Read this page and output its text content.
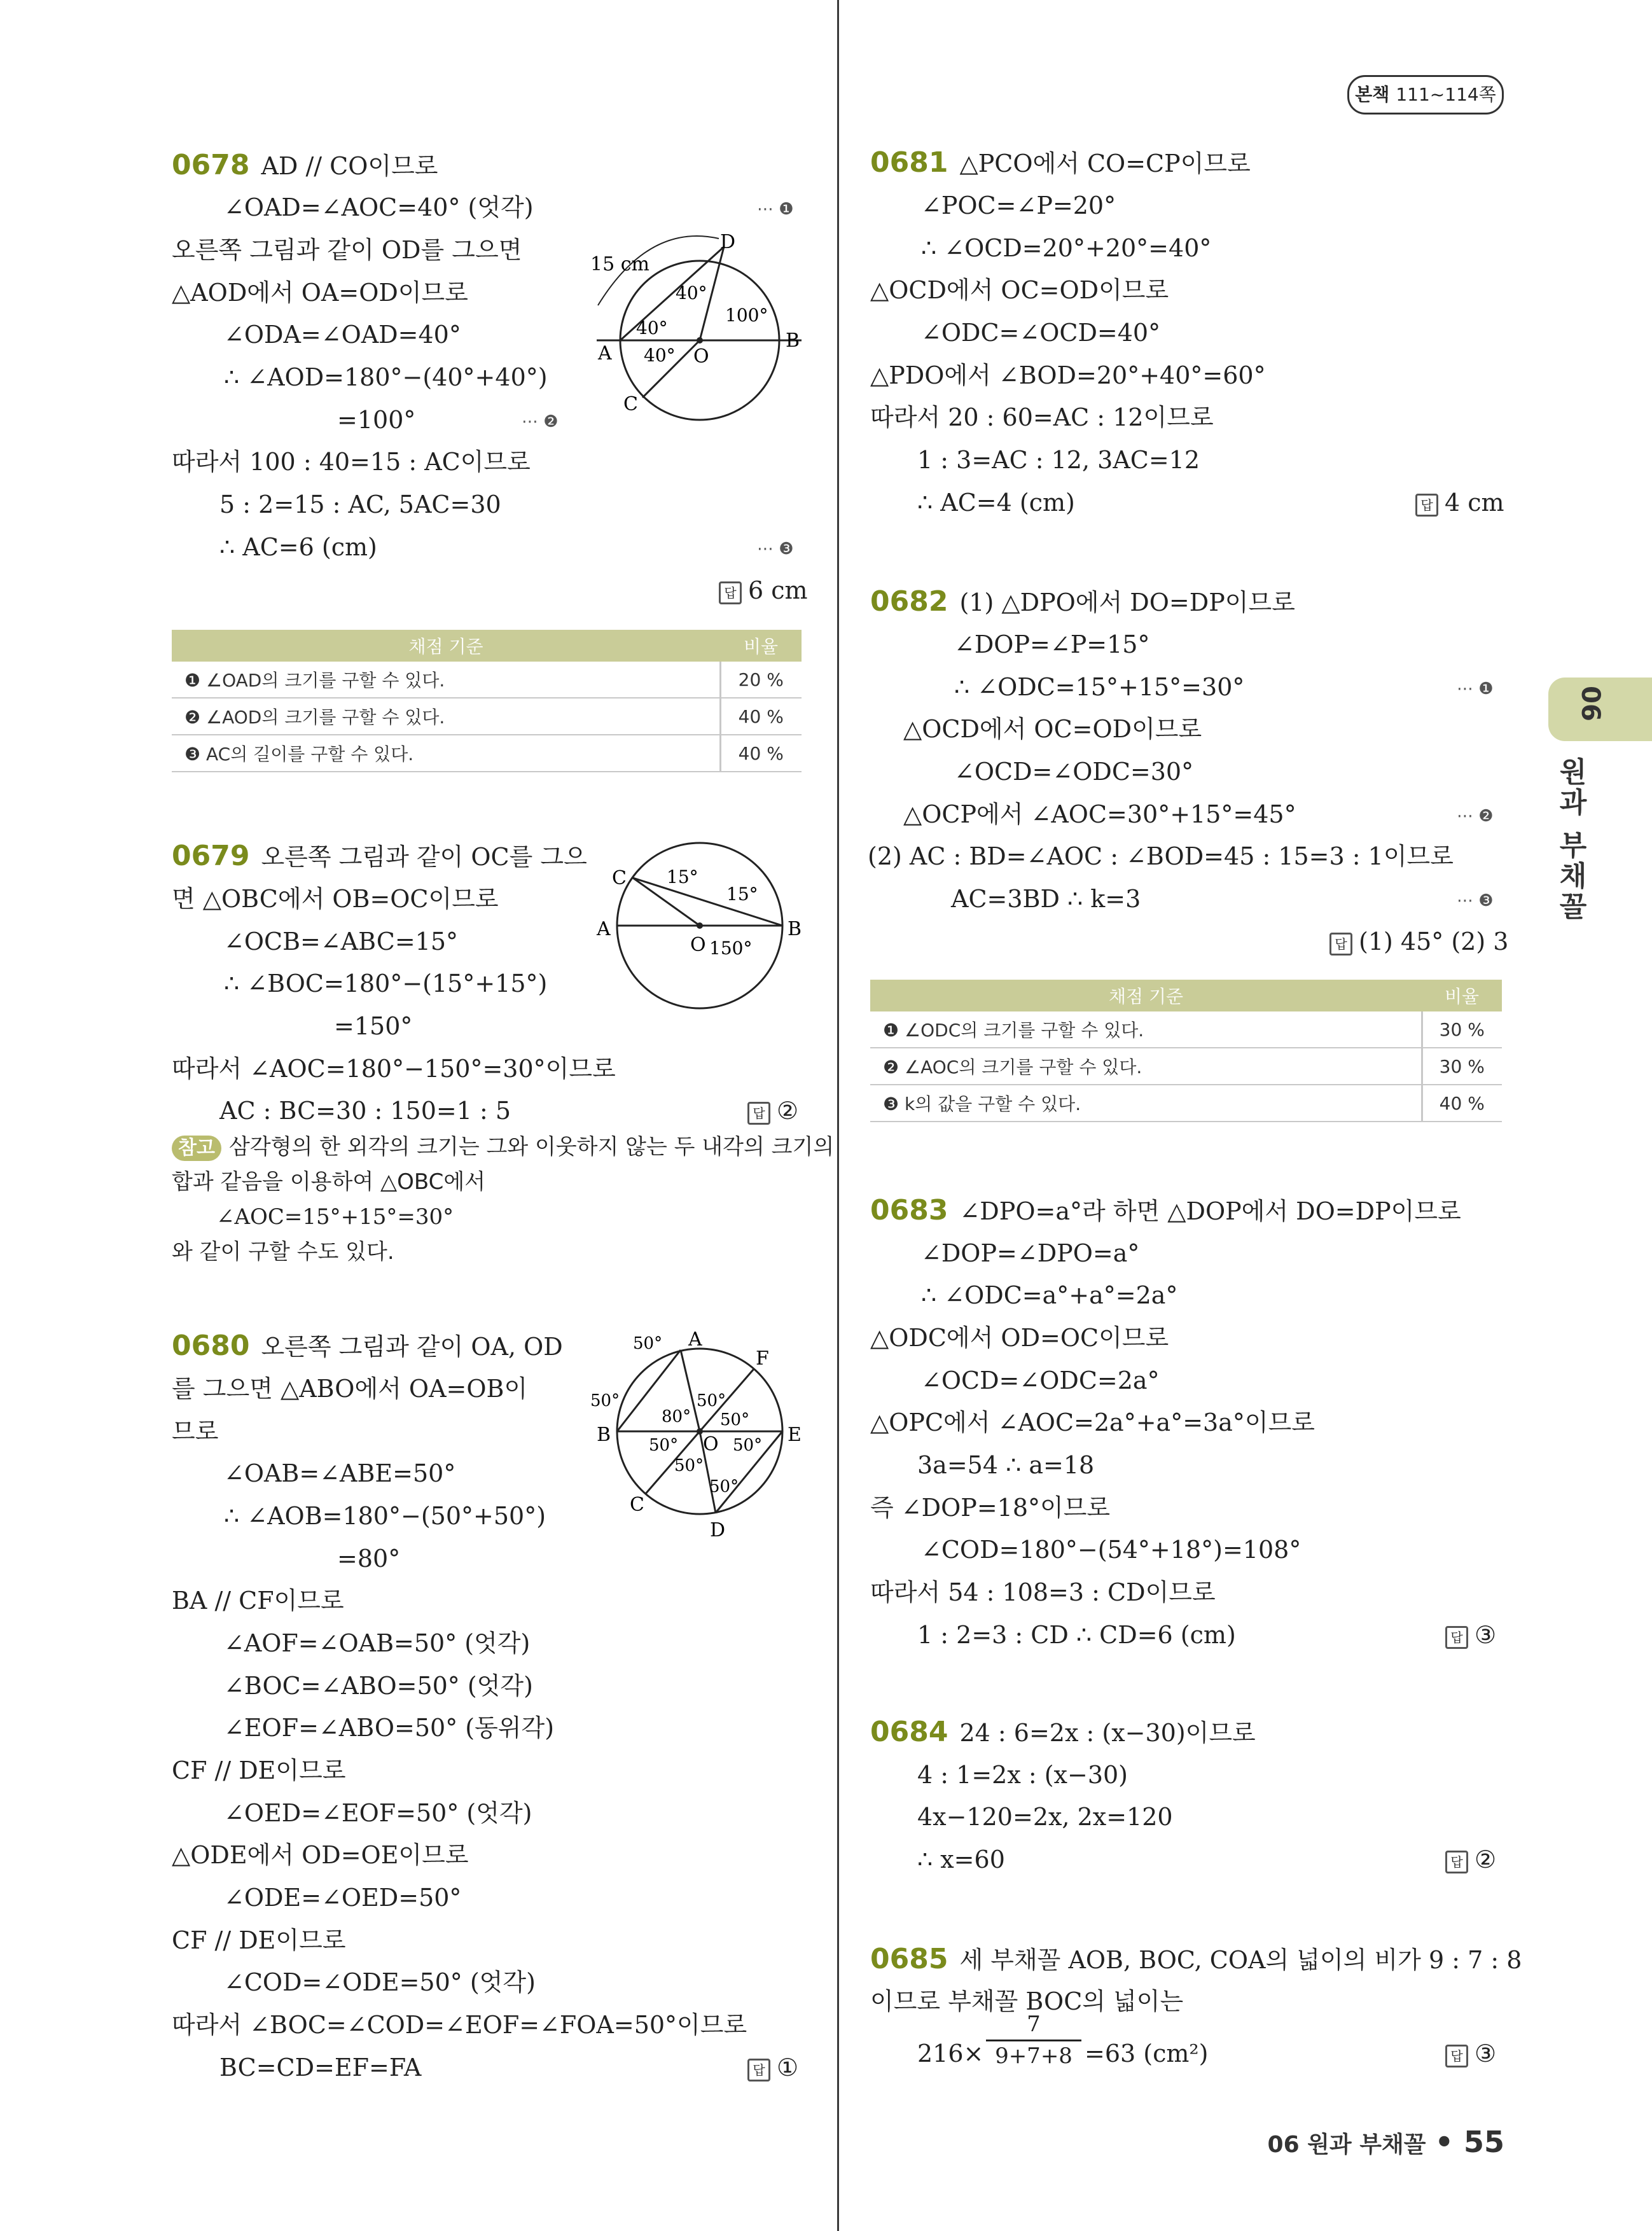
본책 111~114쪽
06
원과 부채꼴
0678 AD // CO이므로
∠OAD=∠AOC=40° (엇각)	⋯ ❶
오른쪽 그림과 같이 OD를 그으면
△AOD에서 OA=OD이므로
∠ODA=∠OAD=40°
∴ ∠AOD=180°−(40°+40°)
=100°	⋯ ❷
따라서 100 : 40=15 : AC이므로
5 : 2=15 : AC, 5AC=30
∴ AC=6 (cm)	⋯ ❸
답 6 cm
15 cm
40°
40°
40°
100°
A
B
C
D
O
채점 기준	비율
❶ ∠OAD의 크기를 구할 수 있다.	20 %
❷ ∠AOD의 크기를 구할 수 있다.	40 %
❸ AC의 길이를 구할 수 있다.	40 %
0679 오른쪽 그림과 같이 OC를 그으
면 △OBC에서 OB=OC이므로
∠OCB=∠ABC=15°
∴ ∠BOC=180°−(15°+15°)
=150°
따라서 ∠AOC=180°−150°=30°이므로
AC : BC=30 : 150=1 : 5	답 ②
참고 삼각형의 한 외각의 크기는 그와 이웃하지 않는 두 내각의 크기의
합과 같음을 이용하여 △OBC에서
∠AOC=15°+15°=30°
와 같이 구할 수도 있다.
C
A	B
O
15°
15°
150°
0680 오른쪽 그림과 같이 OA, OD
를 그으면 △ABO에서 OA=OB이
므로
∠OAB=∠ABE=50°
∴ ∠AOB=180°−(50°+50°)
=80°
BA // CF이므로
∠AOF=∠OAB=50° (엇각)
∠BOC=∠ABO=50° (엇각)
∠EOF=∠ABO=50° (동위각)
CF // DE이므로
∠OED=∠EOF=50° (엇각)
△ODE에서 OD=OE이므로
∠ODE=∠OED=50°
CF // DE이므로
∠COD=∠ODE=50° (엇각)
따라서 ∠BOC=∠COD=∠EOF=∠FOA=50°이므로
BC=CD=EF=FA	답 ①
A
B
C
D
E
F
O
50°
50°
80°
50°
50°
50°	50°
50°
50°
0681 △PCO에서 CO=CP이므로
∠POC=∠P=20°
∴ ∠OCD=20°+20°=40°
△OCD에서 OC=OD이므로
∠ODC=∠OCD=40°
△PDO에서 ∠BOD=20°+40°=60°
따라서 20 : 60=AC : 12이므로
1 : 3=AC : 12, 3AC=12
∴ AC=4 (cm)	답 4 cm
0682 (1) △DPO에서 DO=DP이므로
∠DOP=∠P=15°
∴ ∠ODC=15°+15°=30°	⋯ ❶
△OCD에서 OC=OD이므로
∠OCD=∠ODC=30°
△OCP에서 ∠AOC=30°+15°=45°	⋯ ❷
(2) AC : BD=∠AOC : ∠BOD=45 : 15=3 : 1이므로
AC=3BD ∴ k=3	⋯ ❸
답 (1) 45° (2) 3
채점 기준	비율
❶ ∠ODC의 크기를 구할 수 있다.	30 %
❷ ∠AOC의 크기를 구할 수 있다.	30 %
❸ k의 값을 구할 수 있다.	40 %
0683 ∠DPO=a°라 하면 △DOP에서 DO=DP이므로
∠DOP=∠DPO=a°
∴ ∠ODC=a°+a°=2a°
△ODC에서 OD=OC이므로
∠OCD=∠ODC=2a°
△OPC에서 ∠AOC=2a°+a°=3a°이므로
3a=54 ∴ a=18
즉 ∠DOP=18°이므로
∠COD=180°−(54°+18°)=108°
따라서 54 : 108=3 : CD이므로
1 : 2=3 : CD ∴ CD=6 (cm)	답 ③
0684 24 : 6=2x : (x−30)이므로
4 : 1=2x : (x−30)
4x−120=2x, 2x=120
∴ x=60	답 ②
0685 세 부채꼴 AOB, BOC, COA의 넓이의 비가 9 : 7 : 8
이므로 부채꼴 BOC의 넓이는
216×
7
9+7+8 =63 (cm²)	답 ③
06 원과 부채꼴 • 55
